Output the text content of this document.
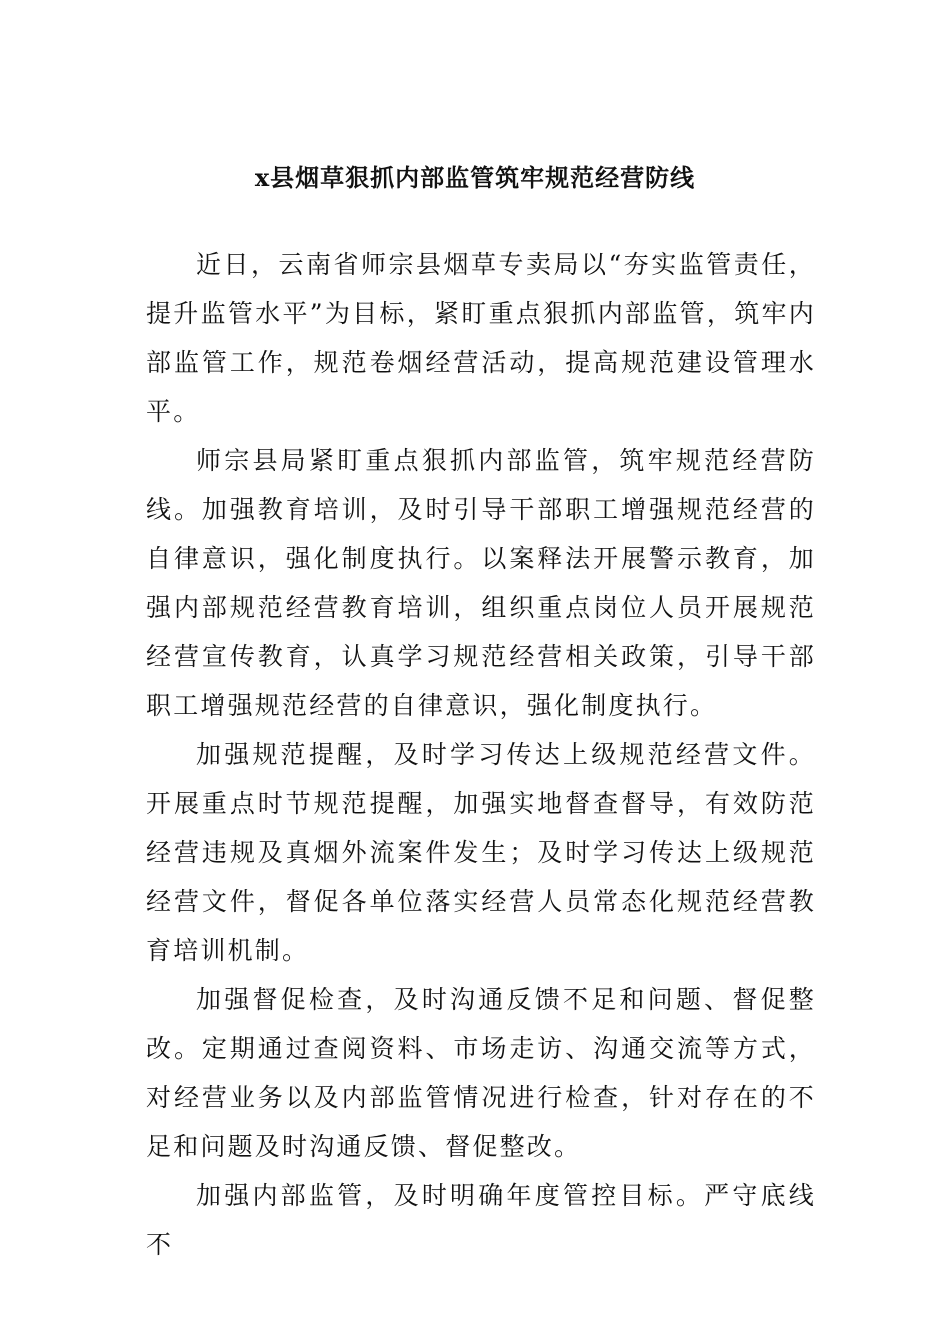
x县烟草狠抓内部监管筑牢规范经营防线

近日，云南省师宗县烟草专卖局以“夯实监管责任，提升监管水平”为目标，紧盯重点狠抓内部监管，筑牢内部监管工作，规范卷烟经营活动，提高规范建设管理水平。

师宗县局紧盯重点狠抓内部监管，筑牢规范经营防线。加强教育培训，及时引导干部职工增强规范经营的自律意识，强化制度执行。以案释法开展警示教育，加强内部规范经营教育培训，组织重点岗位人员开展规范经营宣传教育，认真学习规范经营相关政策，引导干部职工增强规范经营的自律意识，强化制度执行。

加强规范提醒，及时学习传达上级规范经营文件。开展重点时节规范提醒，加强实地督查督导，有效防范经营违规及真烟外流案件发生；及时学习传达上级规范经营文件，督促各单位落实经营人员常态化规范经营教育培训机制。

加强督促检查，及时沟通反馈不足和问题、督促整改。定期通过查阅资料、市场走访、沟通交流等方式，对经营业务以及内部监管情况进行检查，针对存在的不足和问题及时沟通反馈、督促整改。

加强内部监管，及时明确年度管控目标。严守底线不
